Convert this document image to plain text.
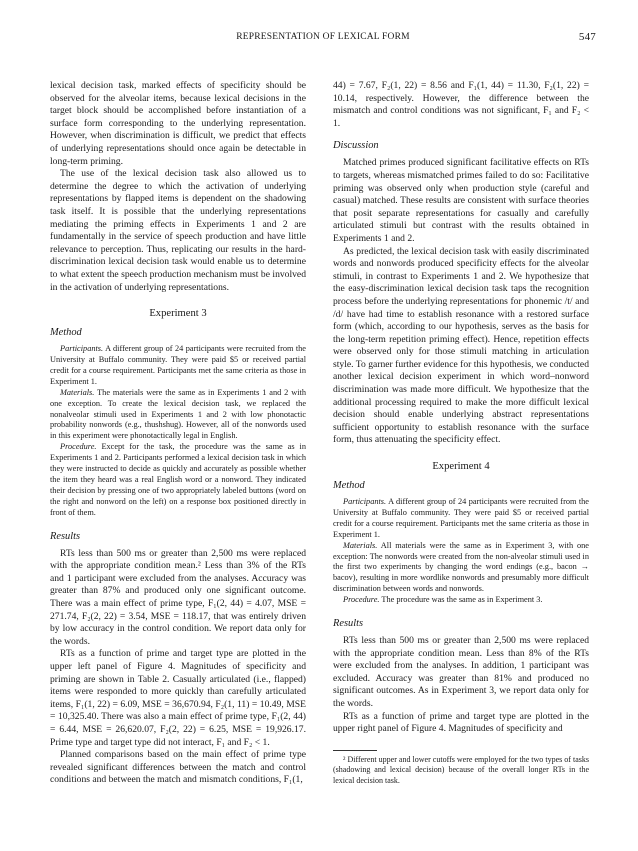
REPRESENTATION OF LEXICAL FORM	547

lexical decision task, marked effects of specificity should be observed for the alveolar items, because lexical decisions in the target block should be accomplished before instantiation of a surface form corresponding to the underlying representation. However, when discrimination is difficult, we predict that effects of underlying representations should once again be detectable in long-term priming.

The use of the lexical decision task also allowed us to determine the degree to which the activation of underlying representations by flapped items is dependent on the shadowing task itself. It is possible that the underlying representations mediating the priming effects in Experiments 1 and 2 are fundamentally in the service of speech production and have little relevance to perception. Thus, replicating our results in the hard-discrimination lexical decision task would enable us to determine to what extent the speech production mechanism must be involved in the activation of underlying representations.

Experiment 3
Method

Participants. A different group of 24 participants were recruited from the University at Buffalo community. They were paid $5 or received partial credit for a course requirement. Participants met the same criteria as those in Experiment 1.

Materials. The materials were the same as in Experiments 1 and 2 with one exception. To create the lexical decision task, we replaced the nonalveolar stimuli used in Experiments 1 and 2 with low phonotactic probability nonwords (e.g., thushshug). However, all of the nonwords used in this experiment were phonotactically legal in English.

Procedure. Except for the task, the procedure was the same as in Experiments 1 and 2. Participants performed a lexical decision task in which they were instructed to decide as quickly and accurately as possible whether the item they heard was a real English word or a nonword. They indicated their decision by pressing one of two appropriately labeled buttons (word on the right and nonword on the left) on a response box positioned directly in front of them.

Results

RTs less than 500 ms or greater than 2,500 ms were replaced with the appropriate condition mean.² Less than 3% of the RTs and 1 participant were excluded from the analyses. Accuracy was greater than 87% and produced only one significant outcome. There was a main effect of prime type, F₁(2, 44) = 4.07, MSE = 271.74, F₂(2, 22) = 3.54, MSE = 118.17, that was entirely driven by low accuracy in the control condition. We report data only for the words.

RTs as a function of prime and target type are plotted in the upper left panel of Figure 4. Magnitudes of specificity and priming are shown in Table 2. Casually articulated (i.e., flapped) items were responded to more quickly than carefully articulated items, F₁(1, 22) = 6.09, MSE = 36,670.94, F₂(1, 11) = 10.49, MSE = 10,325.40. There was also a main effect of prime type, F₁(2, 44) = 6.44, MSE = 26,620.07, F₂(2, 22) = 6.25, MSE = 19,926.17. Prime type and target type did not interact, F₁ and F₂ < 1.

Planned comparisons based on the main effect of prime type revealed significant differences between the match and control conditions and between the match and mismatch conditions, F₁(1,

44) = 7.67, F₂(1, 22) = 8.56 and F₁(1, 44) = 11.30, F₂(1, 22) = 10.14, respectively. However, the difference between the mismatch and control conditions was not significant, F₁ and F₂ < 1.

Discussion

Matched primes produced significant facilitative effects on RTs to targets, whereas mismatched primes failed to do so: Facilitative priming was observed only when production style (careful and casual) matched. These results are consistent with surface theories that posit separate representations for casually and carefully articulated stimuli but contrast with the results obtained in Experiments 1 and 2.

As predicted, the lexical decision task with easily discriminated words and nonwords produced specificity effects for the alveolar stimuli, in contrast to Experiments 1 and 2. We hypothesize that the easy-discrimination lexical decision task taps the recognition process before the underlying representations for phonemic /t/ and /d/ have had time to establish resonance with a restored surface form (which, according to our hypothesis, serves as the basis for the long-term repetition priming effect). Hence, repetition effects were observed only for those stimuli matching in articulation style. To garner further evidence for this hypothesis, we conducted another lexical decision experiment in which word–nonword discrimination was made more difficult. We hypothesize that the additional processing required to make the more difficult lexical decision should enable underlying abstract representations sufficient opportunity to establish resonance with the surface form, thus attenuating the specificity effect.

Experiment 4
Method

Participants. A different group of 24 participants were recruited from the University at Buffalo community. They were paid $5 or received partial credit for a course requirement. Participants met the same criteria as those in Experiment 1.

Materials. All materials were the same as in Experiment 3, with one exception: The nonwords were created from the non-alveolar stimuli used in the first two experiments by changing the word endings (e.g., bacon → bacov), resulting in more wordlike nonwords and presumably more difficult discrimination between words and nonwords.

Procedure. The procedure was the same as in Experiment 3.

Results

RTs less than 500 ms or greater than 2,500 ms were replaced with the appropriate condition mean. Less than 8% of the RTs were excluded from the analyses. In addition, 1 participant was excluded. Accuracy was greater than 81% and produced no significant outcomes. As in Experiment 3, we report data only for the words.

RTs as a function of prime and target type are plotted in the upper right panel of Figure 4. Magnitudes of specificity and

² Different upper and lower cutoffs were employed for the two types of tasks (shadowing and lexical decision) because of the overall longer RTs in the lexical decision task.
